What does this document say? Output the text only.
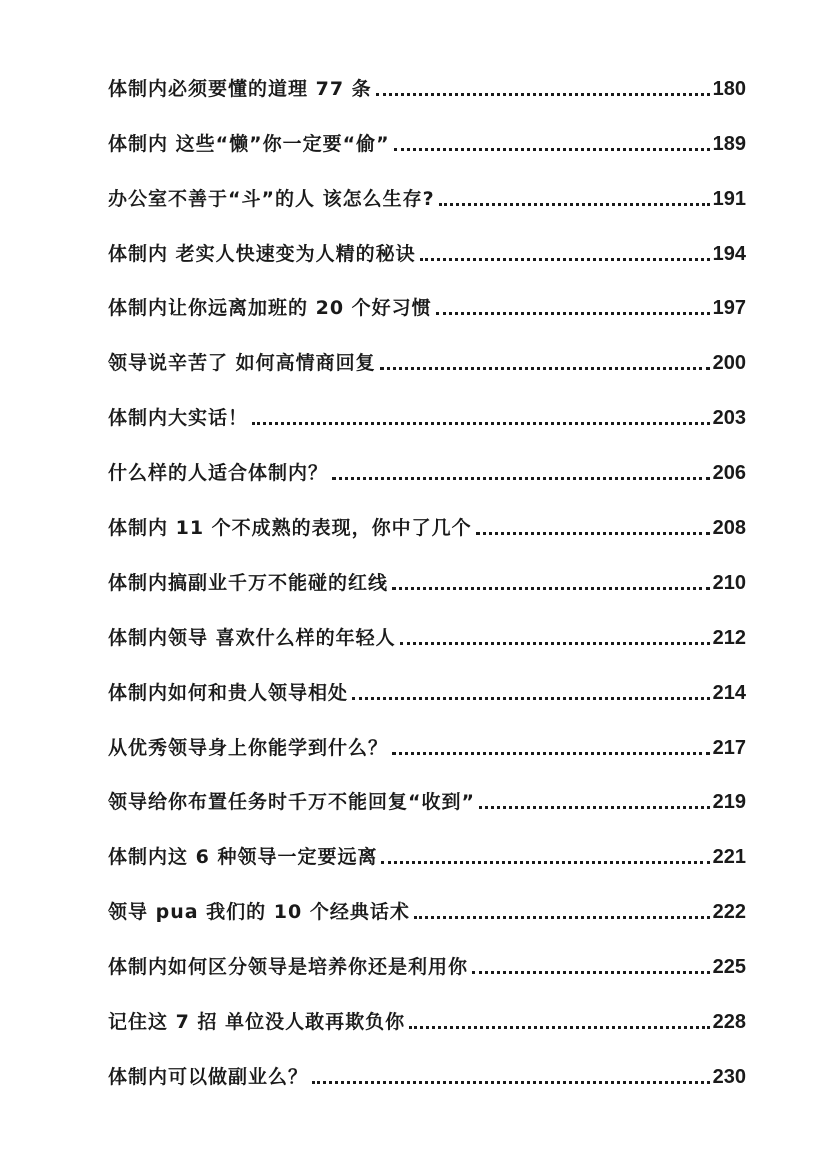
体制内必须要懂的道理 77 条	180
体制内 这些“懒”你一定要“偷”	189
办公室不善于“斗”的人 该怎么生存?	191
体制内 老实人快速变为人精的秘诀	194
体制内让你远离加班的 20 个好习惯	197
领导说辛苦了 如何高情商回复	200
体制内大实话！	203
什么样的人适合体制内？	206
体制内 11 个不成熟的表现，你中了几个	208
体制内搞副业千万不能碰的红线	210
体制内领导 喜欢什么样的年轻人	212
体制内如何和贵人领导相处	214
从优秀领导身上你能学到什么？	217
领导给你布置任务时千万不能回复“收到”	219
体制内这 6 种领导一定要远离	221
领导 pua 我们的 10 个经典话术	222
体制内如何区分领导是培养你还是利用你	225
记住这 7 招 单位没人敢再欺负你	228
体制内可以做副业么？	230
